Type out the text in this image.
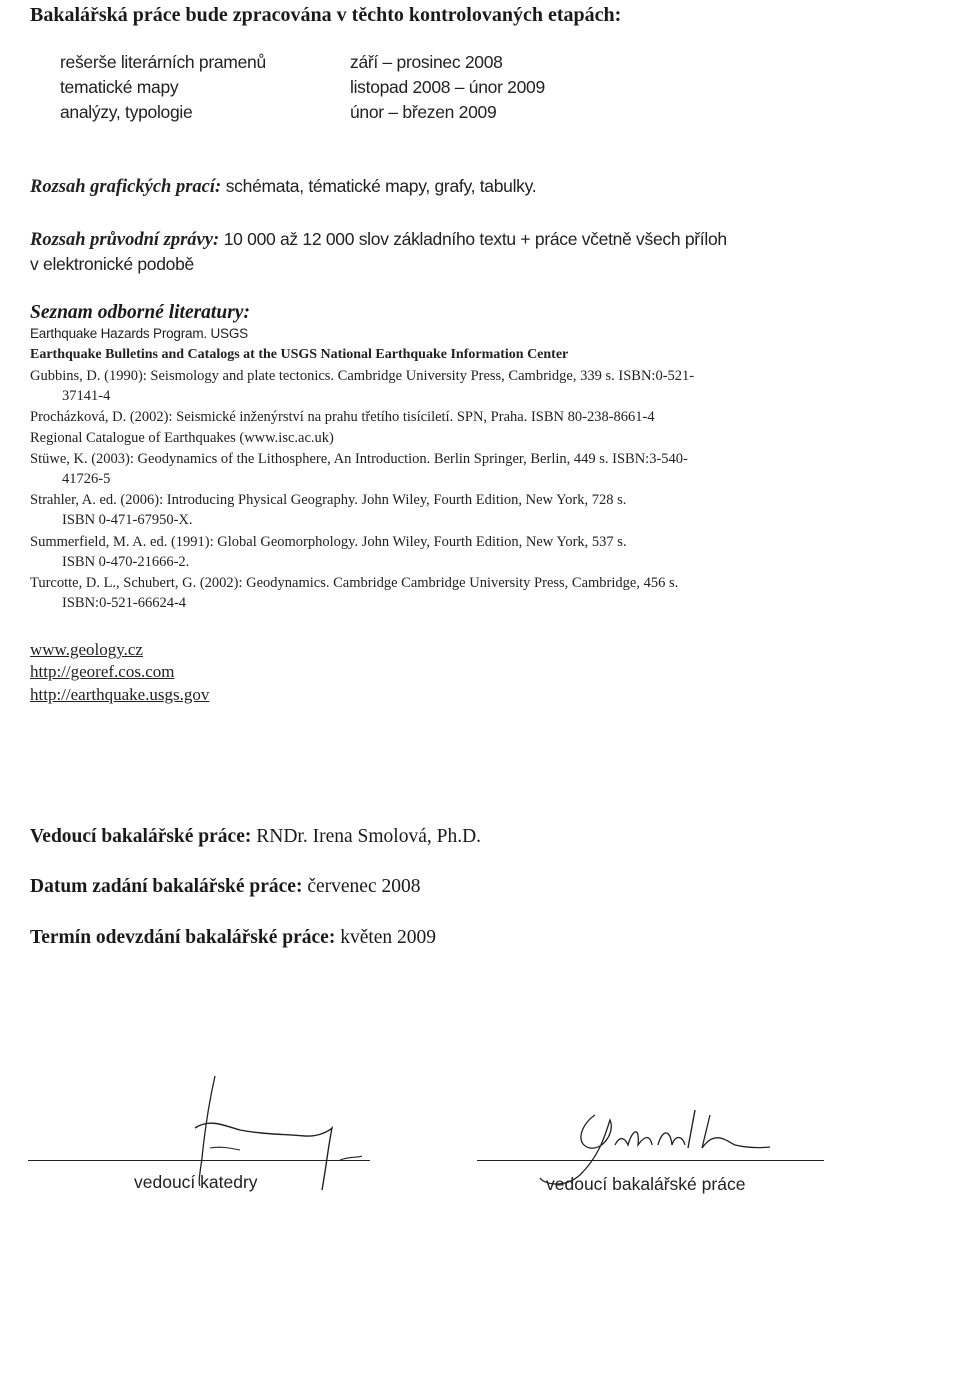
Bakalářská práce bude zpracována v těchto kontrolovaných etapách:
rešerše literárních pramenů	září – prosinec 2008
tematické mapy	listopad 2008 – únor 2009
analýzy, typologie	únor – březen 2009
Rozsah grafických prací: schémata, tématické mapy, grafy, tabulky.
Rozsah průvodní zprávy: 10 000 až 12 000 slov základního textu + práce včetně všech příloh
v elektronické podobě
Seznam odborné literatury:
Earthquake Hazards Program. USGS
Earthquake Bulletins and Catalogs at the USGS National Earthquake Information Center
Gubbins, D. (1990): Seismology and plate tectonics. Cambridge University Press, Cambridge, 339 s. ISBN:0-521-
37141-4
Procházková, D. (2002): Seismické inženýrství na prahu třetího tisíciletí. SPN, Praha. ISBN 80-238-8661-4
Regional Catalogue of Earthquakes (www.isc.ac.uk)
Stüwe, K. (2003): Geodynamics of the Lithosphere, An Introduction. Berlin Springer, Berlin, 449 s. ISBN:3-540-
41726-5
Strahler, A. ed. (2006): Introducing Physical Geography. John Wiley, Fourth Edition, New York, 728 s.
ISBN 0-471-67950-X.
Summerfield, M. A. ed. (1991): Global Geomorphology. John Wiley, Fourth Edition, New York, 537 s.
ISBN 0-470-21666-2.
Turcotte, D. L., Schubert, G. (2002): Geodynamics. Cambridge Cambridge University Press, Cambridge, 456 s.
ISBN:0-521-66624-4
www.geology.cz
http://georef.cos.com
http://earthquake.usgs.gov
Vedoucí bakalářské práce: RNDr. Irena Smolová, Ph.D.
Datum zadání bakalářské práce: červenec 2008
Termín odevzdání bakalářské práce: květen 2009
vedoucí katedry	vedoucí bakalářské práce
